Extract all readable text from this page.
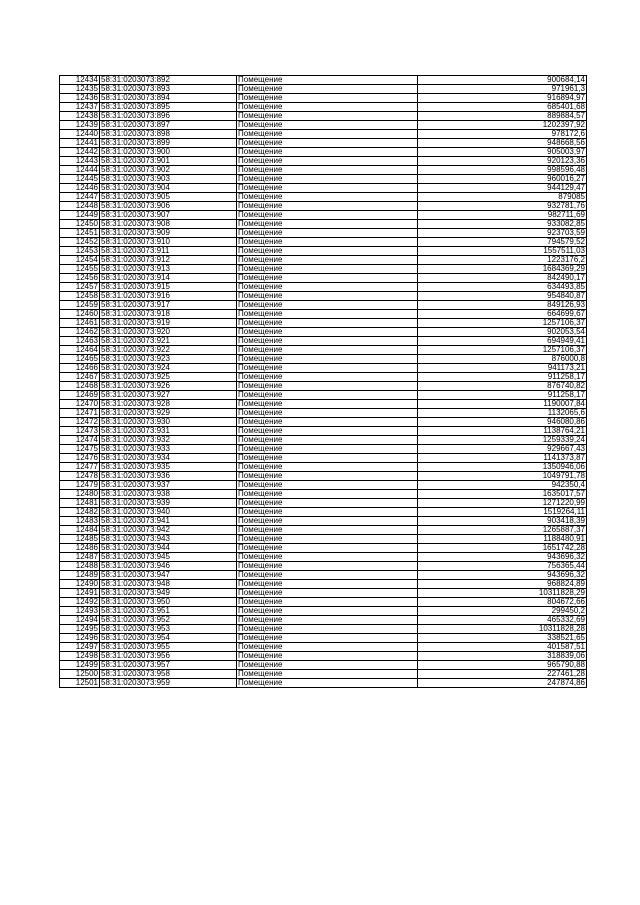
12434	58:31:0203073:892	Помещение	900684,14
12435	58:31:0203073:893	Помещение	971961,3
12436	58:31:0203073:894	Помещение	916894,97
12437	58:31:0203073:895	Помещение	685401,68
12438	58:31:0203073:896	Помещение	889884,57
12439	58:31:0203073:897	Помещение	1202397,92
12440	58:31:0203073:898	Помещение	978172,6
12441	58:31:0203073:899	Помещение	948668,56
12442	58:31:0203073:900	Помещение	905003,97
12443	58:31:0203073:901	Помещение	920123,36
12444	58:31:0203073:902	Помещение	998596,48
12445	58:31:0203073:903	Помещение	960016,27
12446	58:31:0203073:904	Помещение	944129,47
12447	58:31:0203073:905	Помещение	879085
12448	58:31:0203073:906	Помещение	932781,76
12449	58:31:0203073:907	Помещение	982711,69
12450	58:31:0203073:908	Помещение	933082,85
12451	58:31:0203073:909	Помещение	923703,59
12452	58:31:0203073:910	Помещение	794579,52
12453	58:31:0203073:911	Помещение	1557511,03
12454	58:31:0203073:912	Помещение	1223176,2
12455	58:31:0203073:913	Помещение	1684369,29
12456	58:31:0203073:914	Помещение	842490,17
12457	58:31:0203073:915	Помещение	634493,85
12458	58:31:0203073:916	Помещение	954840,87
12459	58:31:0203073:917	Помещение	849126,93
12460	58:31:0203073:918	Помещение	664699,67
12461	58:31:0203073:919	Помещение	1257106,37
12462	58:31:0203073:920	Помещение	902053,54
12463	58:31:0203073:921	Помещение	694949,41
12464	58:31:0203073:922	Помещение	1257106,37
12465	58:31:0203073:923	Помещение	876000,8
12466	58:31:0203073:924	Помещение	941173,21
12467	58:31:0203073:925	Помещение	911258,17
12468	58:31:0203073:926	Помещение	876740,82
12469	58:31:0203073:927	Помещение	911258,17
12470	58:31:0203073:928	Помещение	1190007,84
12471	58:31:0203073:929	Помещение	1132065,6
12472	58:31:0203073:930	Помещение	946080,86
12473	58:31:0203073:931	Помещение	1138764,21
12474	58:31:0203073:932	Помещение	1259339,24
12475	58:31:0203073:933	Помещение	929667,43
12476	58:31:0203073:934	Помещение	1141373,87
12477	58:31:0203073:935	Помещение	1350946,06
12478	58:31:0203073:936	Помещение	1049791,78
12479	58:31:0203073:937	Помещение	942350,4
12480	58:31:0203073:938	Помещение	1635017,57
12481	58:31:0203073:939	Помещение	1271220,99
12482	58:31:0203073:940	Помещение	1519264,11
12483	58:31:0203073:941	Помещение	903418,39
12484	58:31:0203073:942	Помещение	1265887,37
12485	58:31:0203073:943	Помещение	1188480,91
12486	58:31:0203073:944	Помещение	1651742,28
12487	58:31:0203073:945	Помещение	943696,32
12488	58:31:0203073:946	Помещение	756365,44
12489	58:31:0203073:947	Помещение	943696,32
12490	58:31:0203073:948	Помещение	968824,89
12491	58:31:0203073:949	Помещение	10311828,29
12492	58:31:0203073:950	Помещение	804672,66
12493	58:31:0203073:951	Помещение	299450,2
12494	58:31:0203073:952	Помещение	465332,69
12495	58:31:0203073:953	Помещение	10311828,28
12496	58:31:0203073:954	Помещение	338521,65
12497	58:31:0203073:955	Помещение	401587,51
12498	58:31:0203073:956	Помещение	318839,06
12499	58:31:0203073:957	Помещение	965790,88
12500	58:31:0203073:958	Помещение	227461,28
12501	58:31:0203073:959	Помещение	247874,86
